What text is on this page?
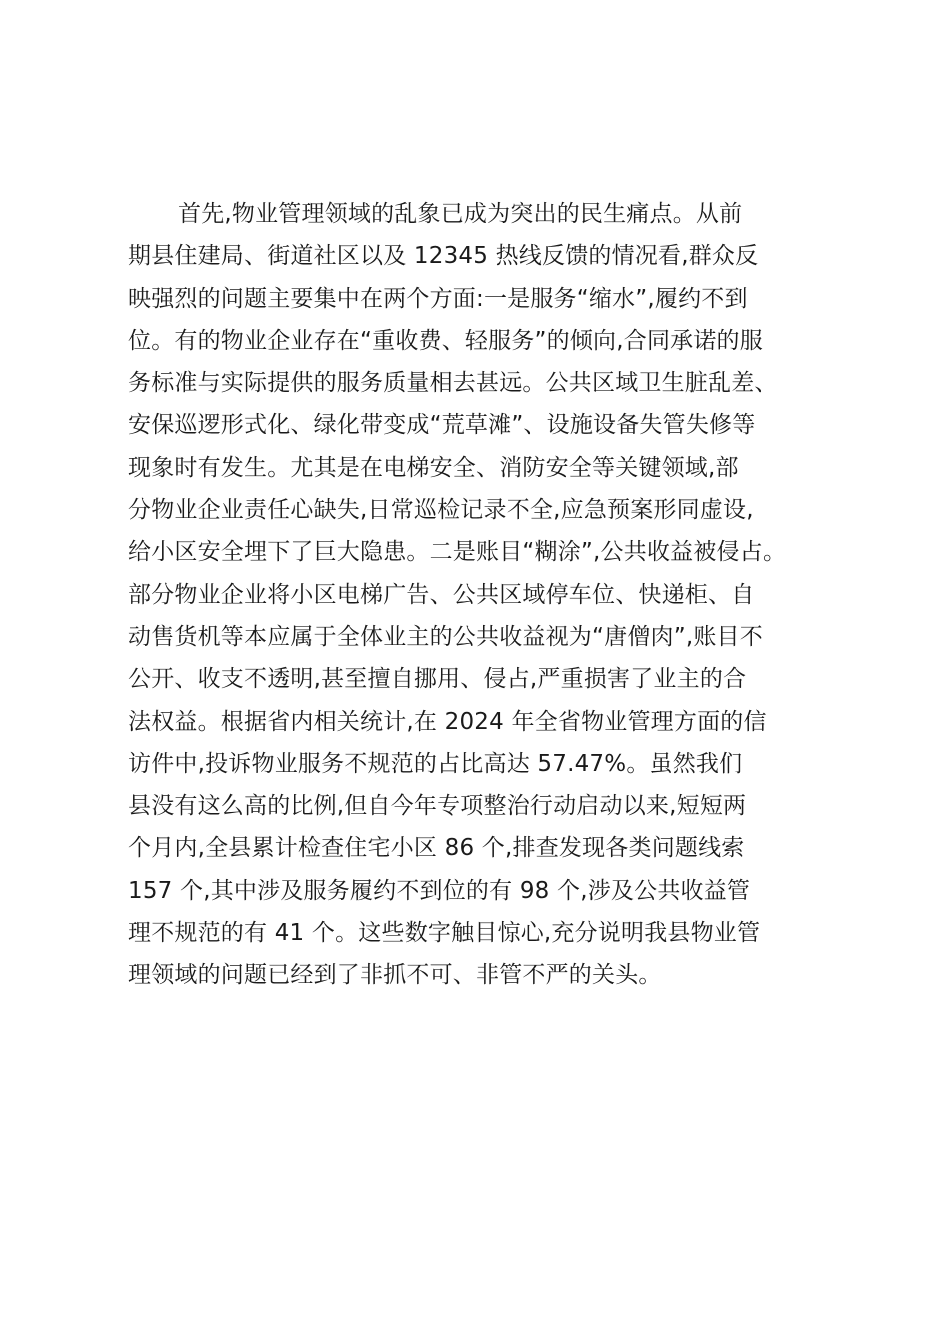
首先,物业管理领域的乱象已成为突出的民生痛点。从前
期县住建局、街道社区以及 12345 热线反馈的情况看,群众反
映强烈的问题主要集中在两个方面:一是服务“缩水”,履约不到
位。有的物业企业存在“重收费、轻服务”的倾向,合同承诺的服
务标准与实际提供的服务质量相去甚远。公共区域卫生脏乱差、
安保巡逻形式化、绿化带变成“荒草滩”、设施设备失管失修等
现象时有发生。尤其是在电梯安全、消防安全等关键领域,部
分物业企业责任心缺失,日常巡检记录不全,应急预案形同虚设,
给小区安全埋下了巨大隐患。二是账目“糊涂”,公共收益被侵占。
部分物业企业将小区电梯广告、公共区域停车位、快递柜、自
动售货机等本应属于全体业主的公共收益视为“唐僧肉”,账目不
公开、收支不透明,甚至擅自挪用、侵占,严重损害了业主的合
法权益。根据省内相关统计,在 2024 年全省物业管理方面的信
访件中,投诉物业服务不规范的占比高达 57.47%。虽然我们
县没有这么高的比例,但自今年专项整治行动启动以来,短短两
个月内,全县累计检查住宅小区 86 个,排查发现各类问题线索
157 个,其中涉及服务履约不到位的有 98 个,涉及公共收益管
理不规范的有 41 个。这些数字触目惊心,充分说明我县物业管
理领域的问题已经到了非抓不可、非管不严的关头。
